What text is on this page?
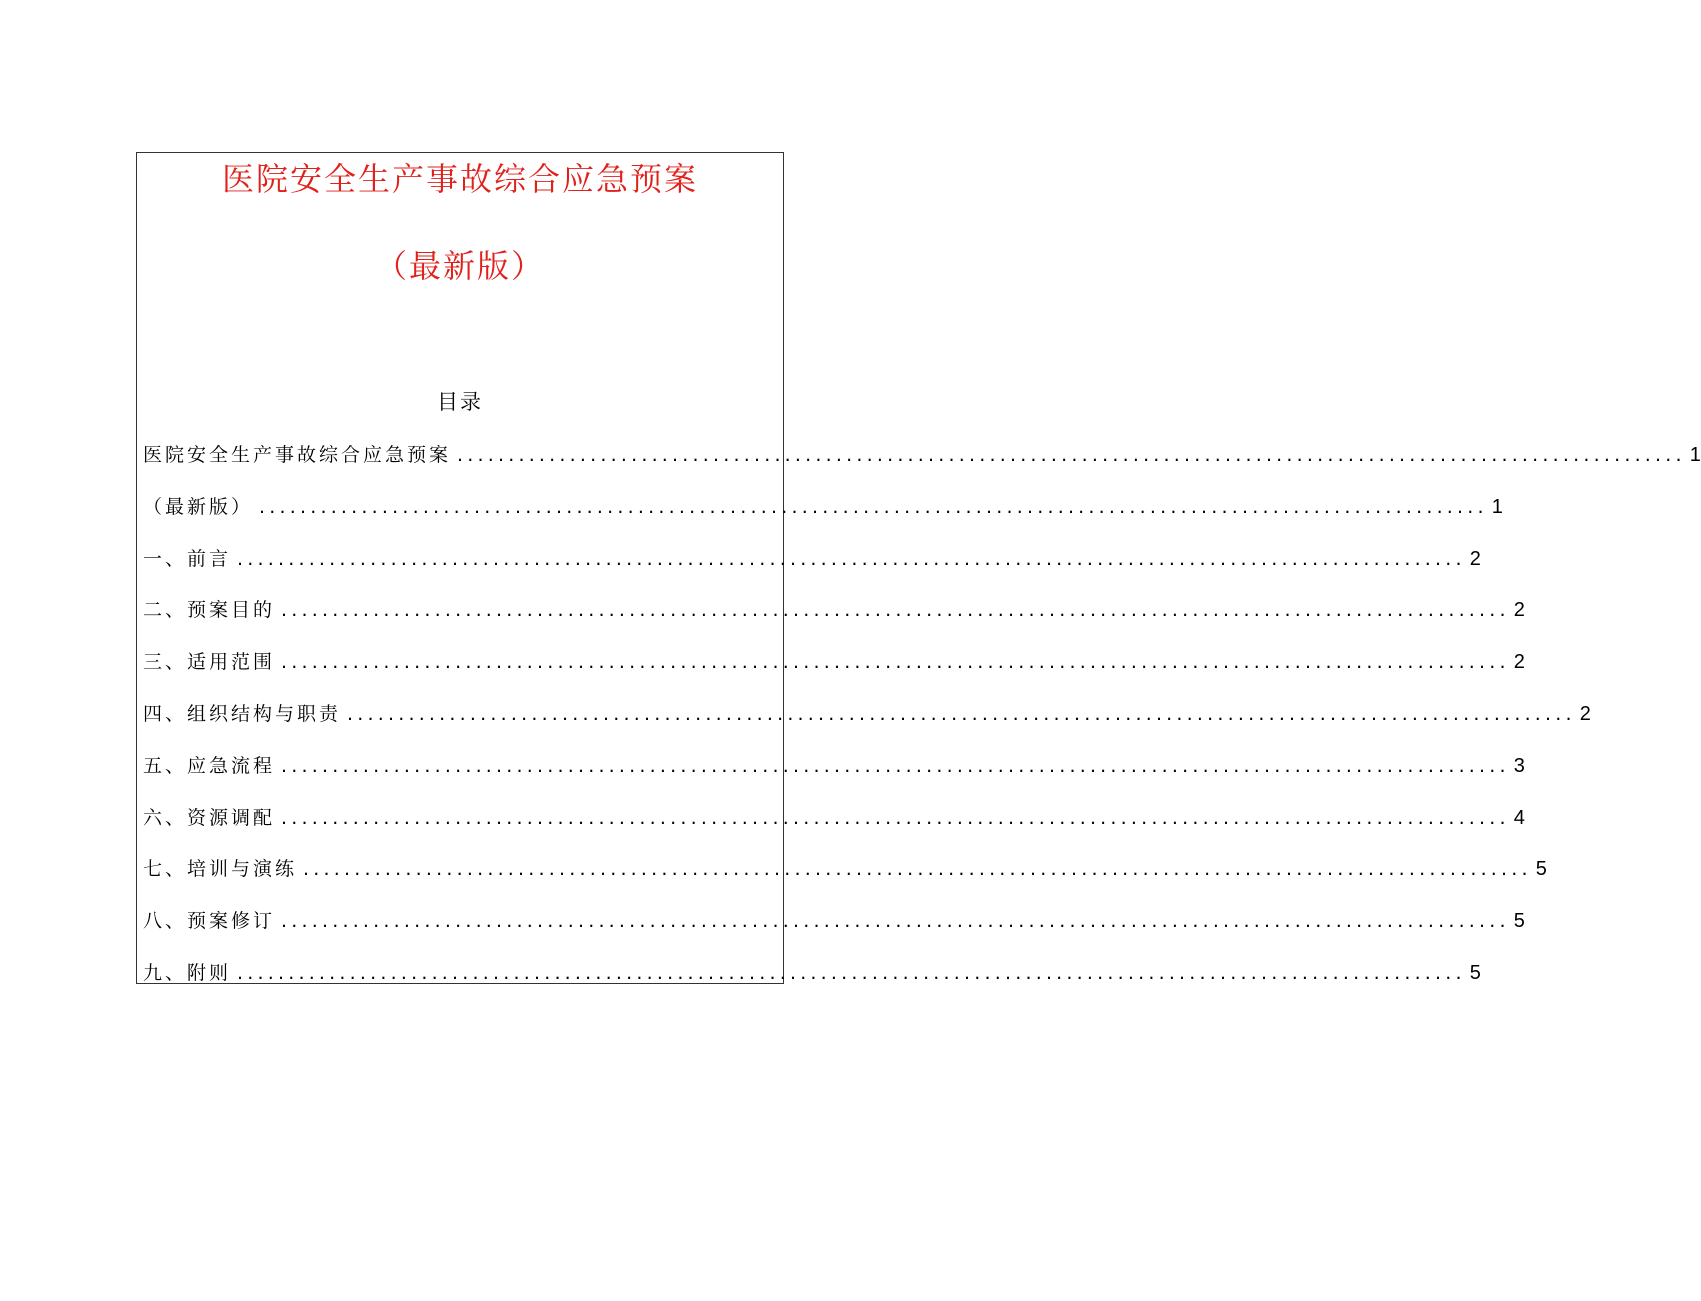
医院安全生产事故综合应急预案
（最新版）
目录
医院安全生产事故综合应急预案 ........................................................................................................................ 1
（最新版） ........................................................................................................................ 1
一、前言 ........................................................................................................................ 2
二、预案目的 ........................................................................................................................ 2
三、适用范围 ........................................................................................................................ 2
四、组织结构与职责 ........................................................................................................................ 2
五、应急流程 ........................................................................................................................ 3
六、资源调配 ........................................................................................................................ 4
七、培训与演练 ........................................................................................................................ 5
八、预案修订 ........................................................................................................................ 5
九、附则 ........................................................................................................................ 5
